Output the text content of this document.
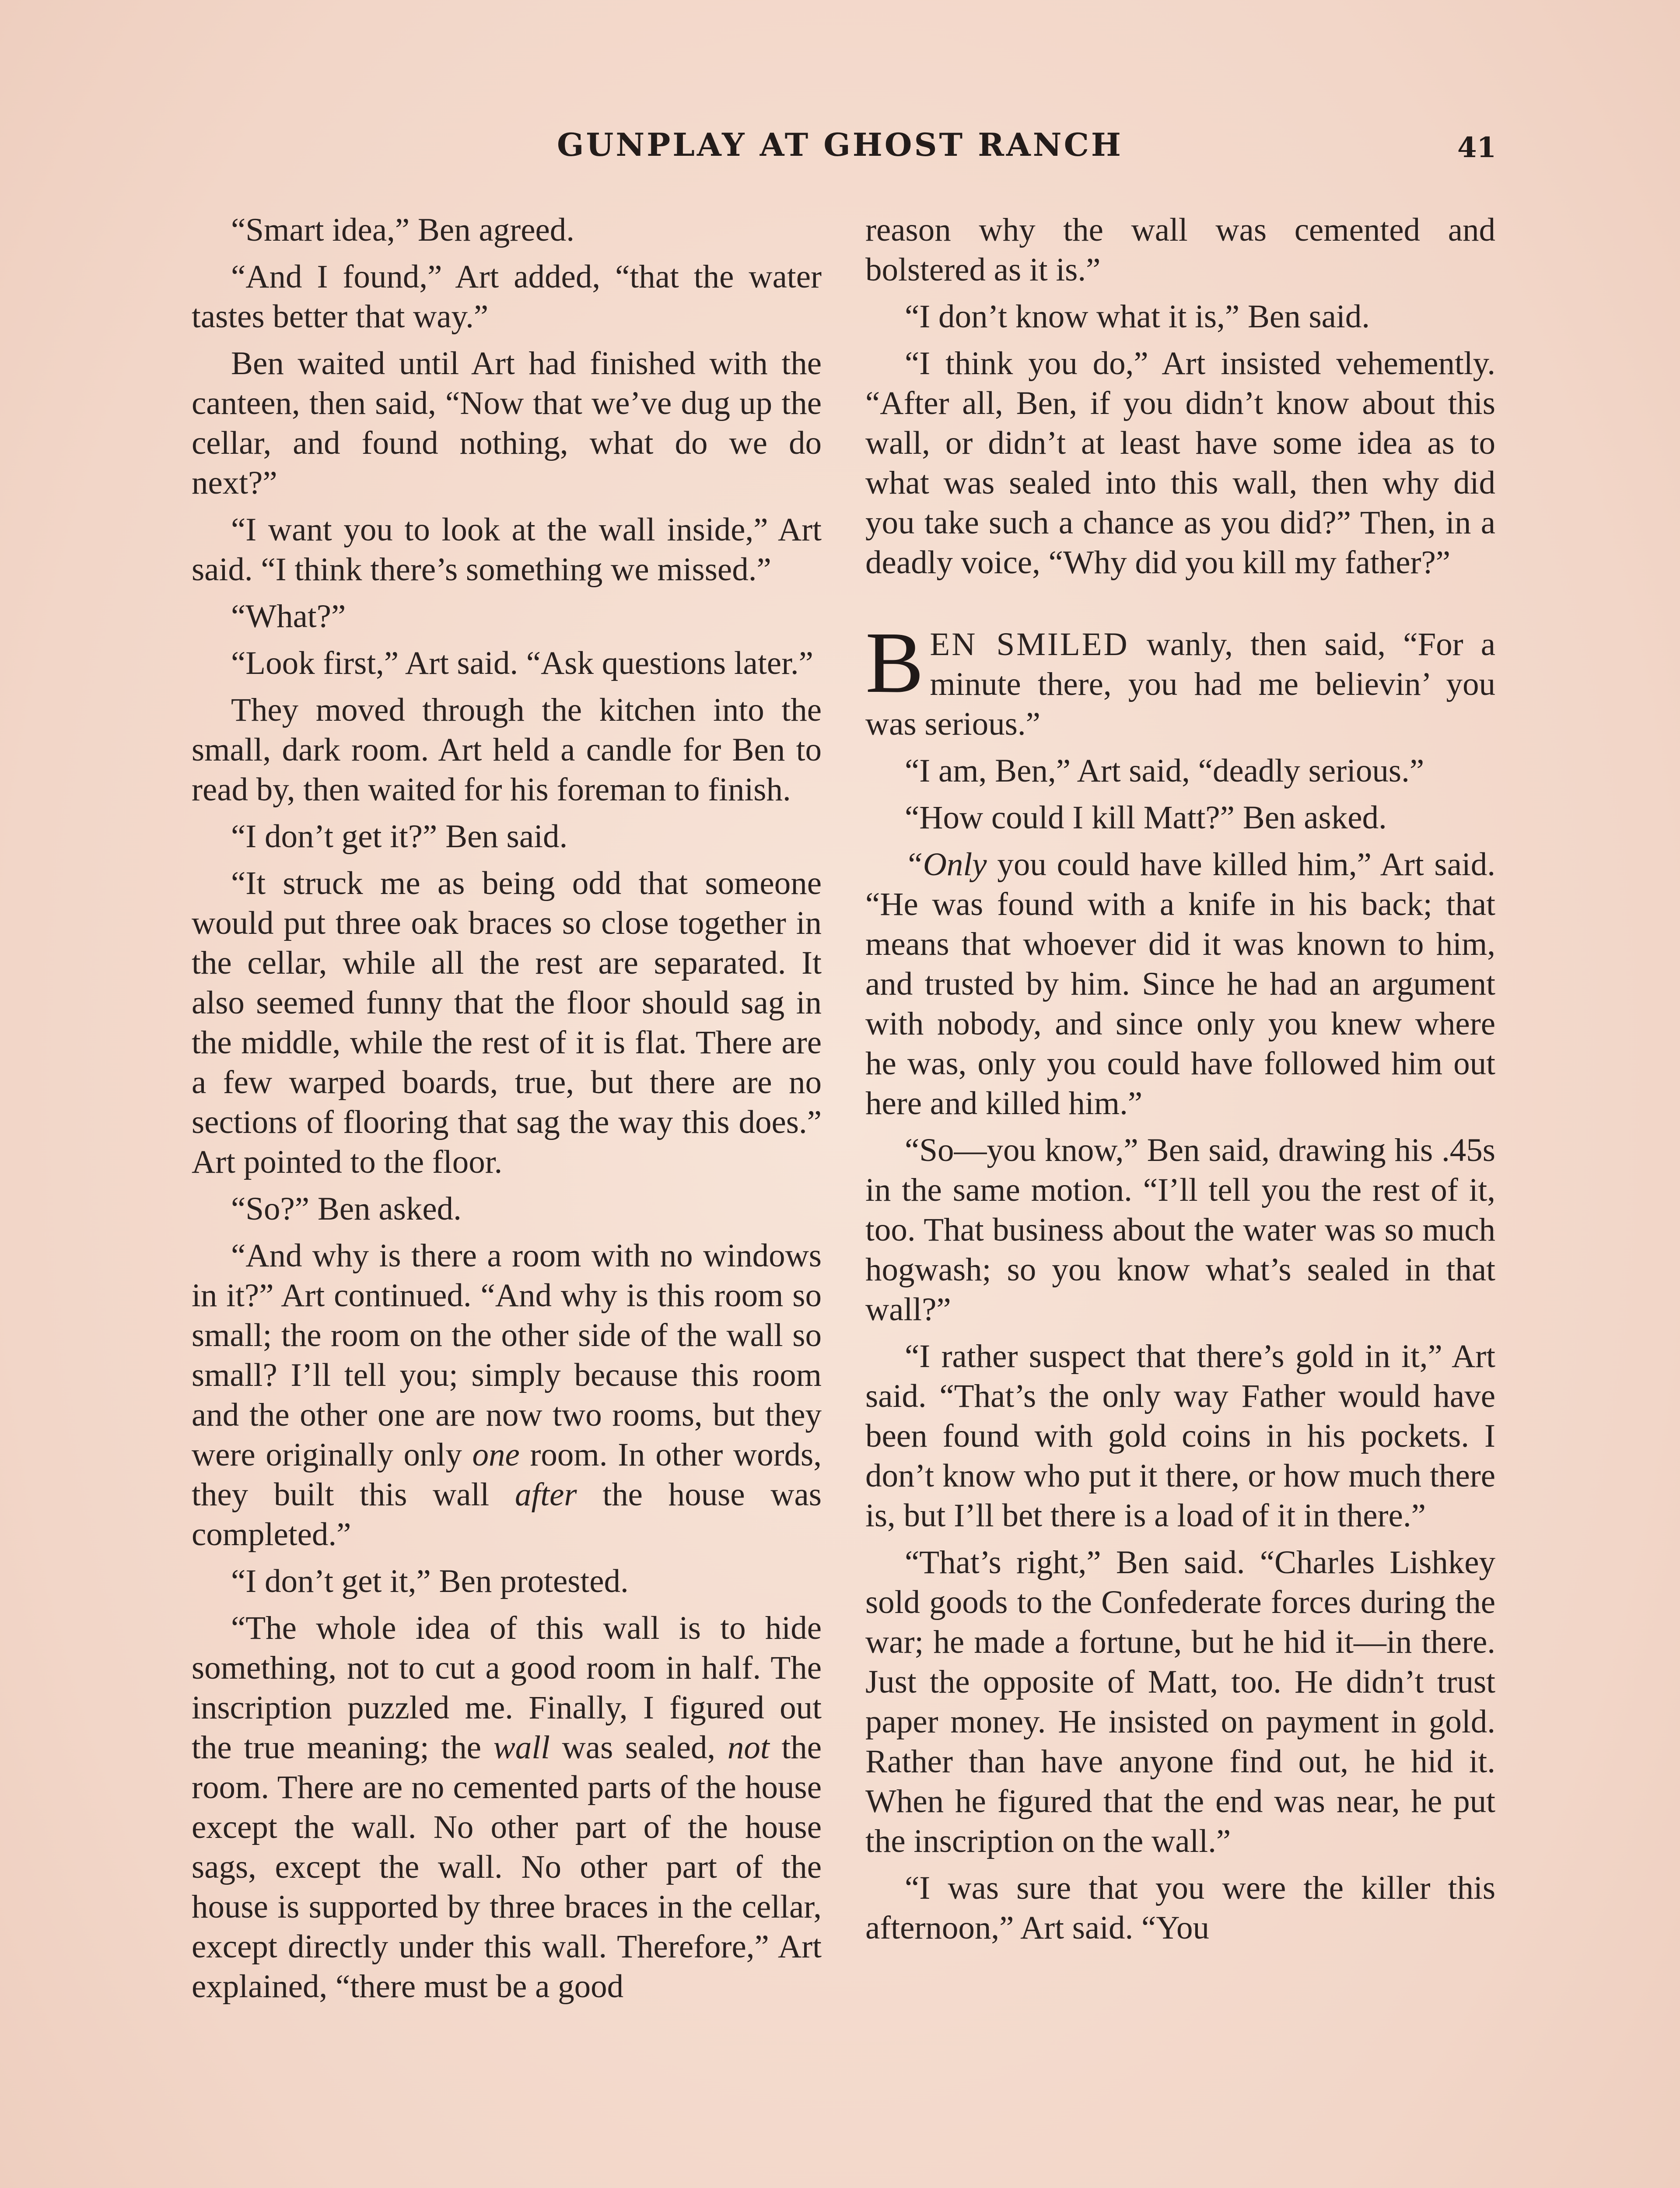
GUNPLAY AT GHOST RANCH	41

“Smart idea,” Ben agreed.

“And I found,” Art added, “that the water tastes better that way.”

Ben waited until Art had finished with the canteen, then said, “Now that we’ve dug up the cellar, and found nothing, what do we do next?”

“I want you to look at the wall inside,” Art said. “I think there’s something we missed.”

“What?”

“Look first,” Art said. “Ask questions later.”

They moved through the kitchen into the small, dark room. Art held a candle for Ben to read by, then waited for his foreman to finish.

“I don’t get it?” Ben said.

“It struck me as being odd that someone would put three oak braces so close together in the cellar, while all the rest are separated. It also seemed funny that the floor should sag in the middle, while the rest of it is flat. There are a few warped boards, true, but there are no sections of flooring that sag the way this does.” Art pointed to the floor.

“So?” Ben asked.

“And why is there a room with no windows in it?” Art continued. “And why is this room so small; the room on the other side of the wall so small? I’ll tell you; simply because this room and the other one are now two rooms, but they were originally only one room. In other words, they built this wall after the house was completed.”

“I don’t get it,” Ben protested.

“The whole idea of this wall is to hide something, not to cut a good room in half. The inscription puzzled me. Finally, I figured out the true meaning; the wall was sealed, not the room. There are no cemented parts of the house except the wall. No other part of the house sags, except the wall. No other part of the house is supported by three braces in the cellar, except directly under this wall. Therefore,” Art explained, “there must be a good

reason why the wall was cemented and bolstered as it is.”

“I don’t know what it is,” Ben said.

“I think you do,” Art insisted vehemently. “After all, Ben, if you didn’t know about this wall, or didn’t at least have some idea as to what was sealed into this wall, then why did you take such a chance as you did?” Then, in a deadly voice, “Why did you kill my father?”

BEN SMILED wanly, then said, “For a minute there, you had me believin’ you was serious.”

“I am, Ben,” Art said, “deadly serious.”

“How could I kill Matt?” Ben asked.

“Only you could have killed him,” Art said. “He was found with a knife in his back; that means that whoever did it was known to him, and trusted by him. Since he had an argument with nobody, and since only you knew where he was, only you could have followed him out here and killed him.”

“So—you know,” Ben said, drawing his .45s in the same motion. “I’ll tell you the rest of it, too. That business about the water was so much hogwash; so you know what’s sealed in that wall?”

“I rather suspect that there’s gold in it,” Art said. “That’s the only way Father would have been found with gold coins in his pockets. I don’t know who put it there, or how much there is, but I’ll bet there is a load of it in there.”

“That’s right,” Ben said. “Charles Lishkey sold goods to the Confederate forces during the war; he made a fortune, but he hid it—in there. Just the opposite of Matt, too. He didn’t trust paper money. He insisted on payment in gold. Rather than have anyone find out, he hid it. When he figured that the end was near, he put the inscription on the wall.”

“I was sure that you were the killer this afternoon,” Art said. “You
